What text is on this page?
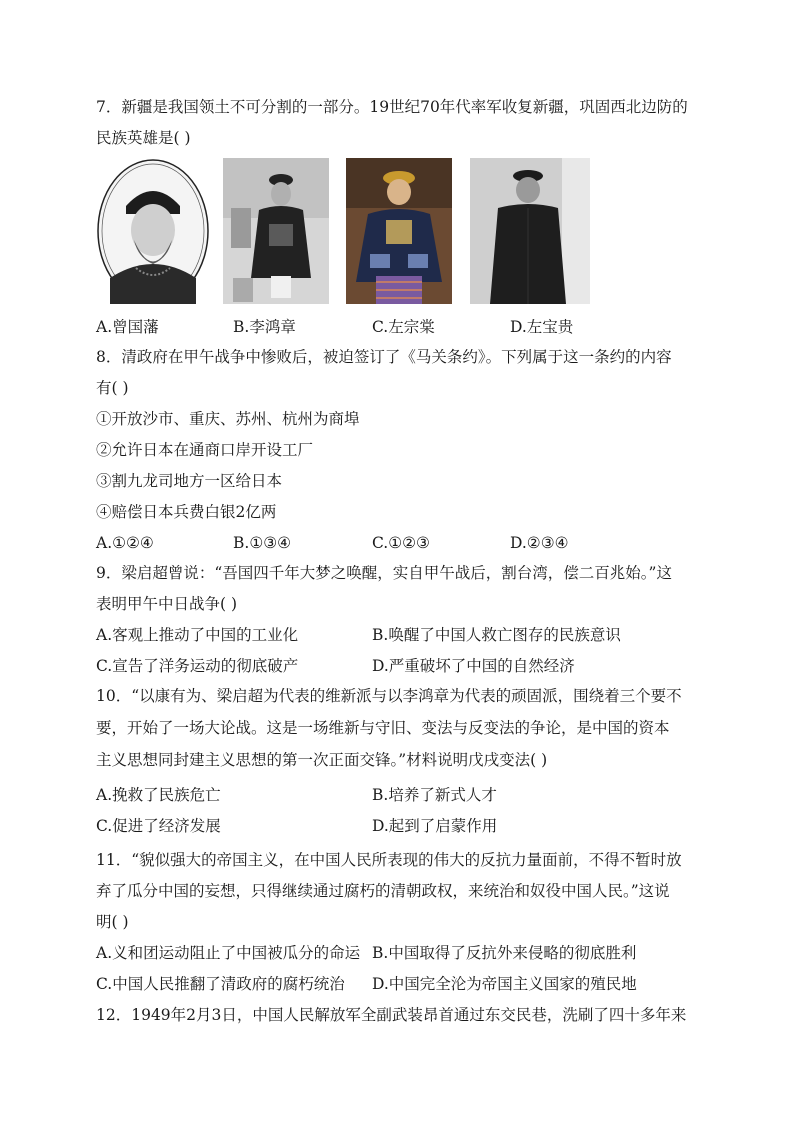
7．新疆是我国领土不可分割的一部分。19世纪70年代率军收复新疆，巩固西北边防的
民族英雄是( )
A.曾国藩	B.李鸿章	C.左宗棠	D.左宝贵
8．清政府在甲午战争中惨败后，被迫签订了《马关条约》。下列属于这一条约的内容
有( )
①开放沙市、重庆、苏州、杭州为商埠
②允许日本在通商口岸开设工厂
③割九龙司地方一区给日本
④赔偿日本兵费白银2亿两
A.①②④	B.①③④	C.①②③	D.②③④
9．梁启超曾说：“吾国四千年大梦之唤醒，实自甲午战后，割台湾，偿二百兆始。”这
表明甲午中日战争( )
A.客观上推动了中国的工业化	B.唤醒了中国人救亡图存的民族意识
C.宣告了洋务运动的彻底破产	D.严重破坏了中国的自然经济
10．“以康有为、梁启超为代表的维新派与以李鸿章为代表的顽固派，围绕着三个要不
要，开始了一场大论战。这是一场维新与守旧、变法与反变法的争论，是中国的资本
主义思想同封建主义思想的第一次正面交锋。”材料说明戊戌变法( )
A.挽救了民族危亡	B.培养了新式人才
C.促进了经济发展	D.起到了启蒙作用
11．“貌似强大的帝国主义，在中国人民所表现的伟大的反抗力量面前，不得不暂时放
弃了瓜分中国的妄想，只得继续通过腐朽的清朝政权，来统治和奴役中国人民。”这说
明( )
A.义和团运动阻止了中国被瓜分的命运 B.中国取得了反抗外来侵略的彻底胜利
C.中国人民推翻了清政府的腐朽统治 D.中国完全沦为帝国主义国家的殖民地
12．1949年2月3日，中国人民解放军全副武装昂首通过东交民巷，洗刷了四十多年来
